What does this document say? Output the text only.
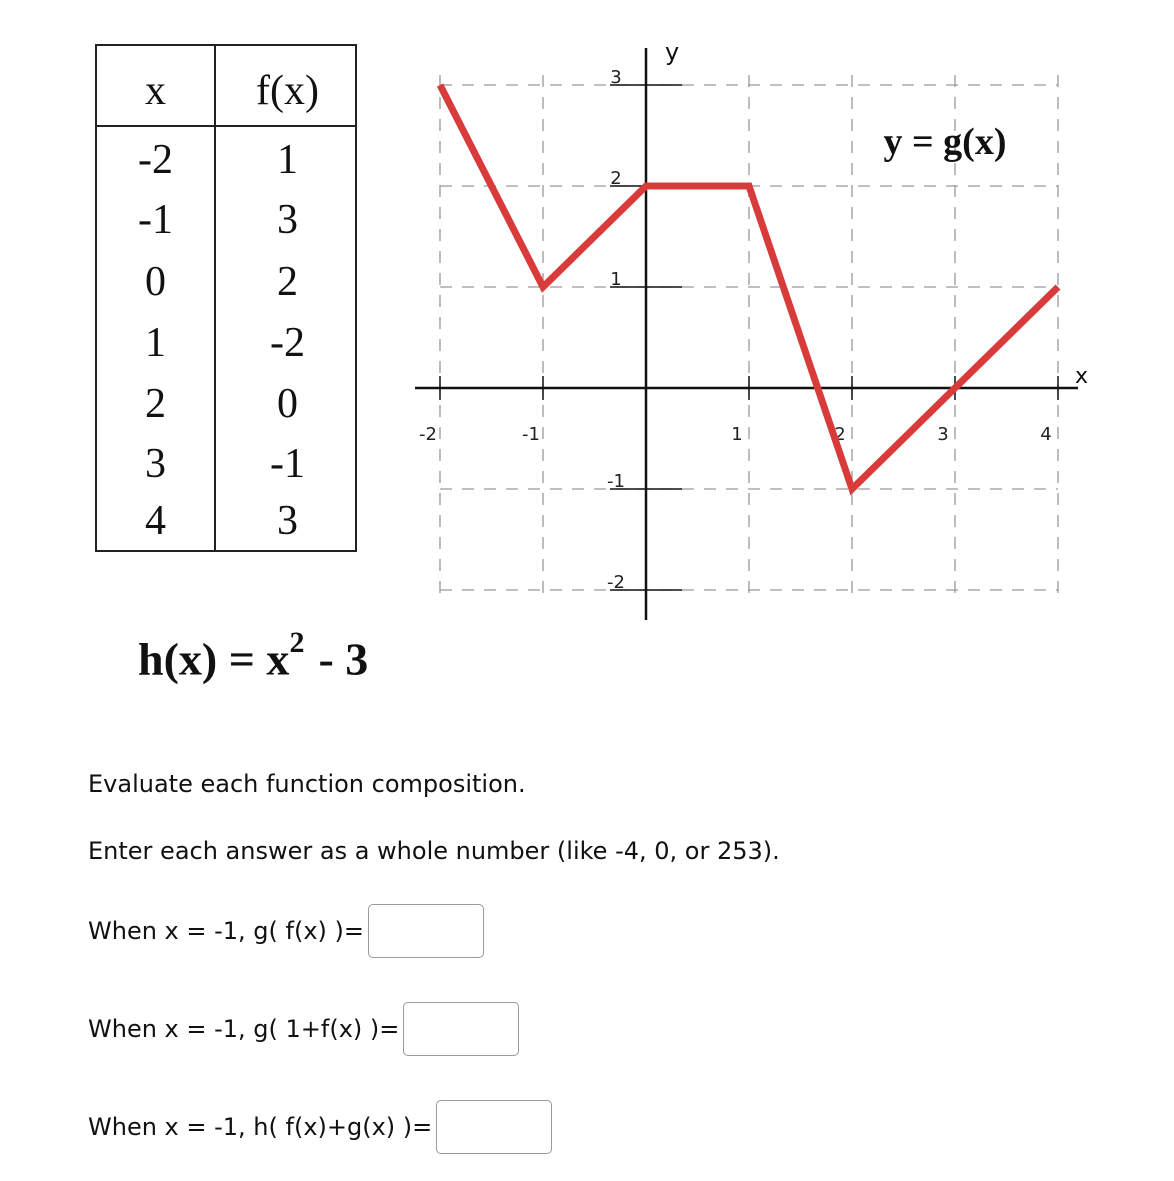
x	f(x)
-2	1
-1	3
0	2
1	-2
2	0
3	-1
4	3
$h(x) = x^2 - 3$
-2	-1	1	2	3	4
3
2
1
-1
-2
y = g(x)
x
y
Evaluate each function composition.
Enter each answer as a whole number (like -4, 0, or 253).
When x = -1, g( f(x) )=
When x = -1, g( 1+f(x) )=
When x = -1, h( f(x)+g(x) )=
